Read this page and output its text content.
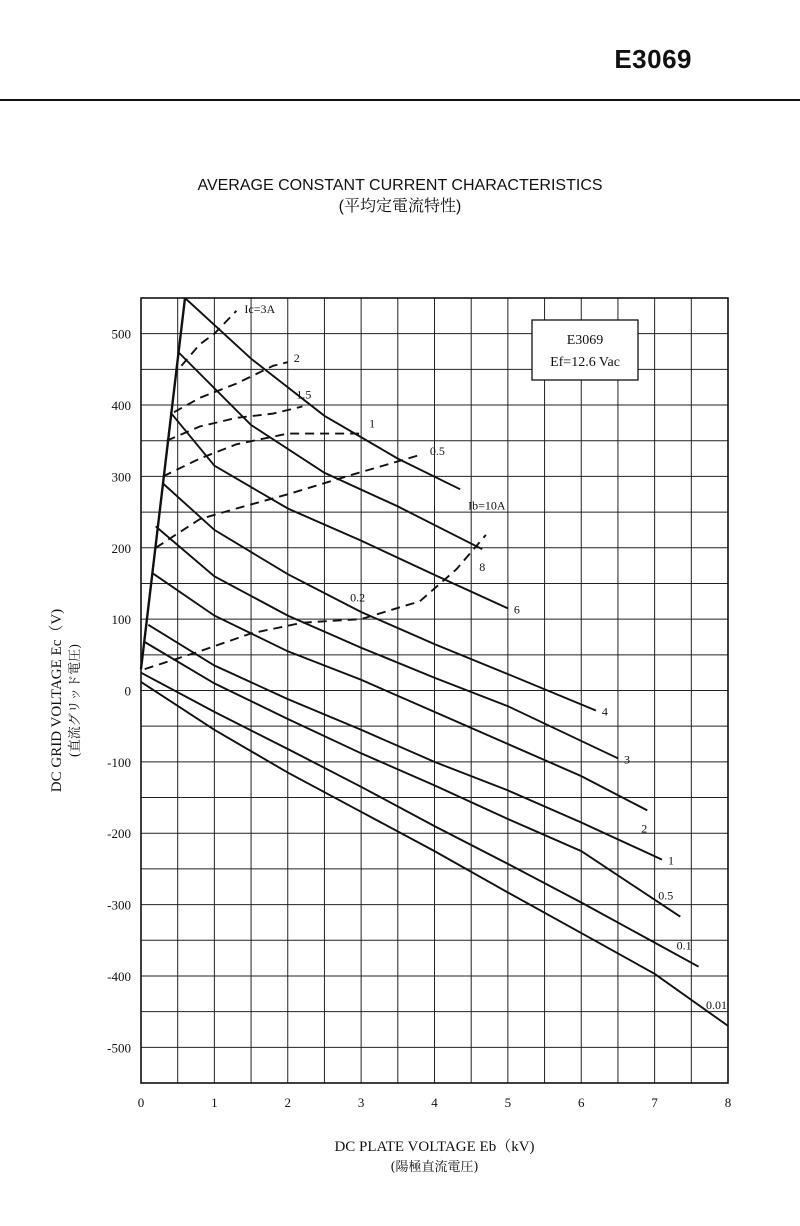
E3069
AVERAGE CONSTANT CURRENT CHARACTERISTICS
(平均定電流特性)
0	1	2	3	4	5	6	7	8
500
400
300
200
100
0
-100
-200
-300
-400
-500
Ib=10A
8
6
4
3
2
1
0.5
0.1
0.01
Ic=3A
2
1.5
1
0.5
0.2
E3069
Ef=12.6 Vac
DC PLATE VOLTAGE Eb（kV)
(陽極直流電圧)
DC GRID VOLTAGE Ec（V) (直流グリッド電圧)
